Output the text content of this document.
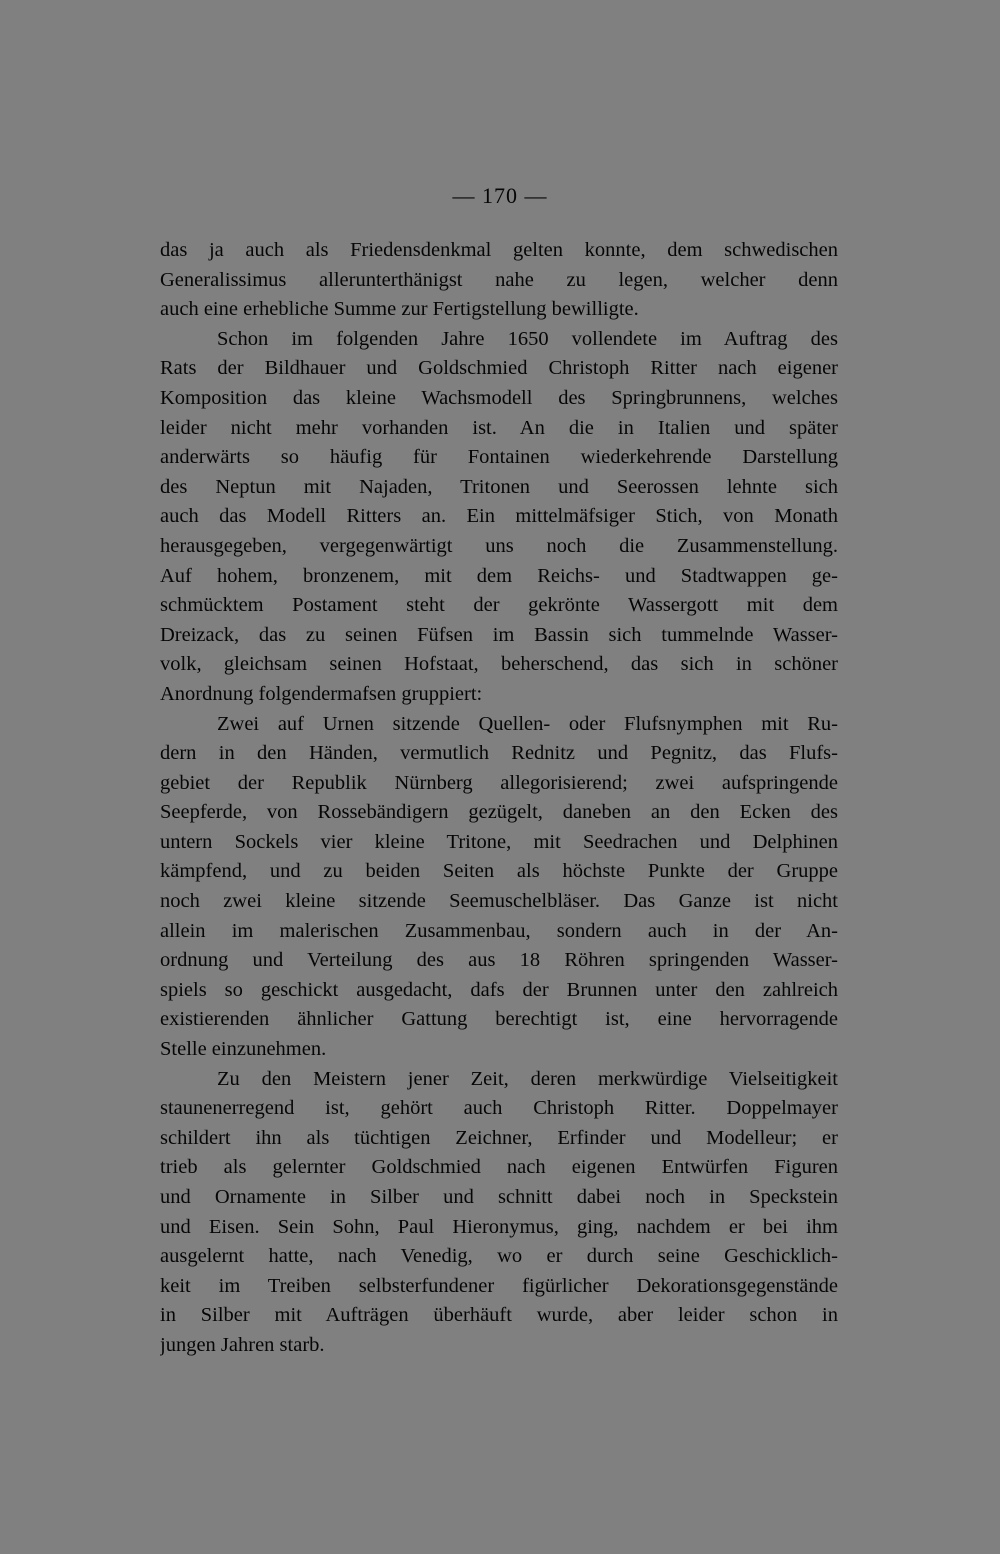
— 170 —
das ja auch als Friedensdenkmal gelten konnte, dem schwedischen
Generalissimus allerunterthänigst nahe zu legen, welcher denn
auch eine erhebliche Summe zur Fertigstellung bewilligte.
Schon im folgenden Jahre 1650 vollendete im Auftrag des
Rats der Bildhauer und Goldschmied Christoph Ritter nach eigener
Komposition das kleine Wachsmodell des Springbrunnens, welches
leider nicht mehr vorhanden ist. An die in Italien und später
anderwärts so häufig für Fontainen wiederkehrende Darstellung
des Neptun mit Najaden, Tritonen und Seerossen lehnte sich
auch das Modell Ritters an. Ein mittelmäfsiger Stich, von Monath
herausgegeben, vergegenwärtigt uns noch die Zusammenstellung.
Auf hohem, bronzenem, mit dem Reichs- und Stadtwappen ge-
schmücktem Postament steht der gekrönte Wassergott mit dem
Dreizack, das zu seinen Füfsen im Bassin sich tummelnde Wasser-
volk, gleichsam seinen Hofstaat, beherschend, das sich in schöner
Anordnung folgendermafsen gruppiert:
Zwei auf Urnen sitzende Quellen- oder Flufsnymphen mit Ru-
dern in den Händen, vermutlich Rednitz und Pegnitz, das Flufs-
gebiet der Republik Nürnberg allegorisierend; zwei aufspringende
Seepferde, von Rossebändigern gezügelt, daneben an den Ecken des
untern Sockels vier kleine Tritone, mit Seedrachen und Delphinen
kämpfend, und zu beiden Seiten als höchste Punkte der Gruppe
noch zwei kleine sitzende Seemuschelbläser. Das Ganze ist nicht
allein im malerischen Zusammenbau, sondern auch in der An-
ordnung und Verteilung des aus 18 Röhren springenden Wasser-
spiels so geschickt ausgedacht, dafs der Brunnen unter den zahlreich
existierenden ähnlicher Gattung berechtigt ist, eine hervorragende
Stelle einzunehmen.
Zu den Meistern jener Zeit, deren merkwürdige Vielseitigkeit
staunenerregend ist, gehört auch Christoph Ritter. Doppelmayer
schildert ihn als tüchtigen Zeichner, Erfinder und Modelleur; er
trieb als gelernter Goldschmied nach eigenen Entwürfen Figuren
und Ornamente in Silber und schnitt dabei noch in Speckstein
und Eisen. Sein Sohn, Paul Hieronymus, ging, nachdem er bei ihm
ausgelernt hatte, nach Venedig, wo er durch seine Geschicklich-
keit im Treiben selbsterfundener figürlicher Dekorationsgegenstände
in Silber mit Aufträgen überhäuft wurde, aber leider schon in
jungen Jahren starb.
